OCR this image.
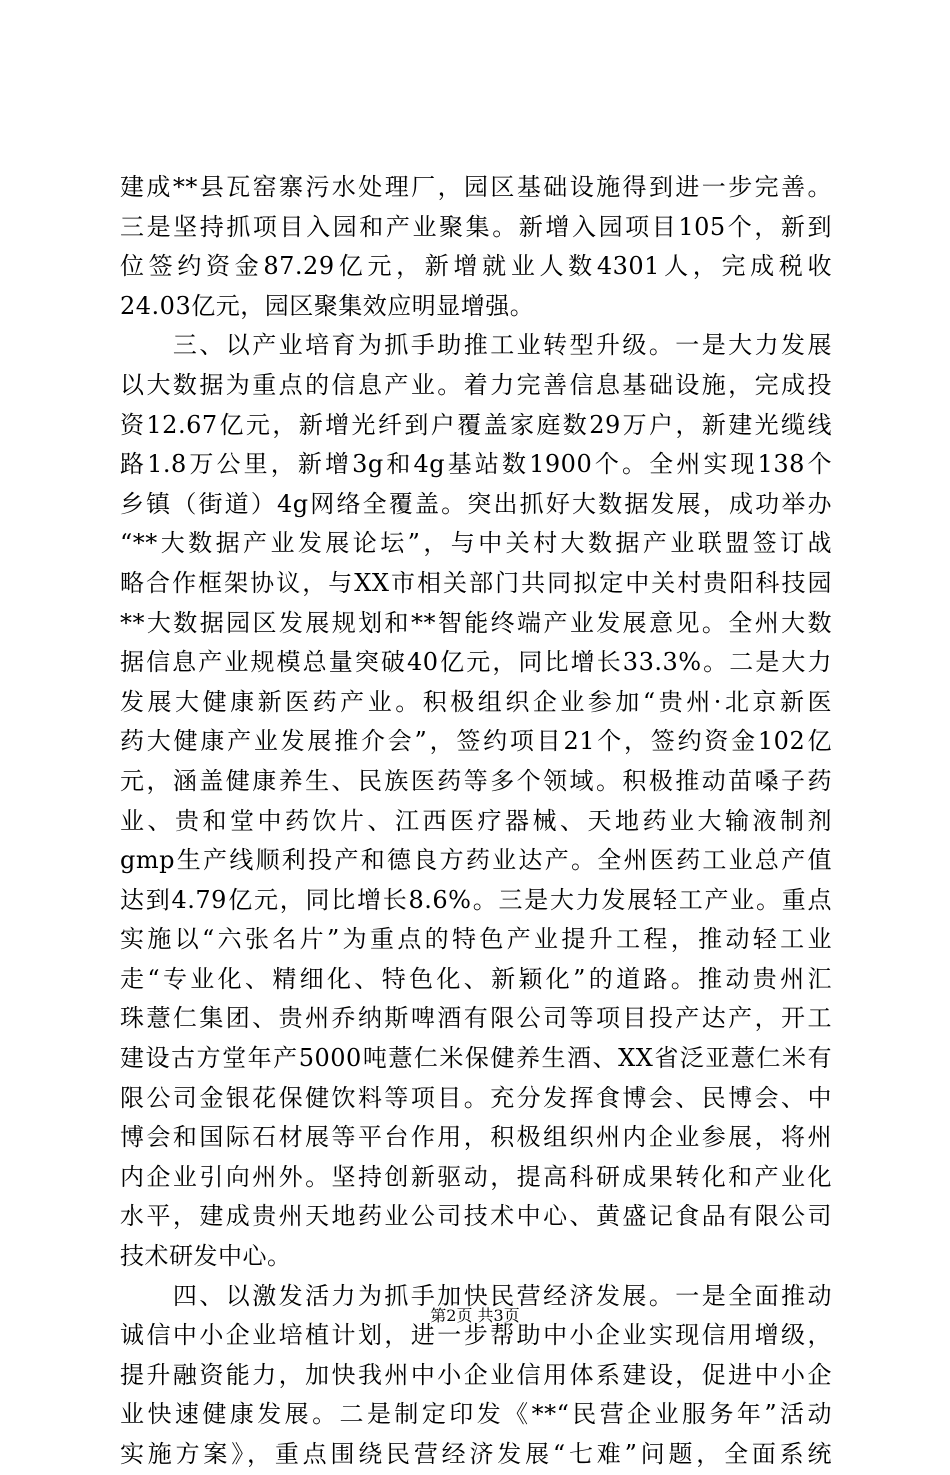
建成**县瓦窑寨污水处理厂，园区基础设施得到进一步完善。
三是坚持抓项目入园和产业聚集。新增入园项目105个，新到
位签约资金87.29亿元，新增就业人数4301人，完成税收
24.03亿元，园区聚集效应明显增强。
　　三、以产业培育为抓手助推工业转型升级。一是大力发展
以大数据为重点的信息产业。着力完善信息基础设施，完成投
资12.67亿元，新增光纤到户覆盖家庭数29万户，新建光缆线
路1.8万公里，新增3g和4g基站数1900个。全州实现138个
乡镇（街道）4g网络全覆盖。突出抓好大数据发展，成功举办
“**大数据产业发展论坛”，与中关村大数据产业联盟签订战
略合作框架协议，与XX市相关部门共同拟定中关村贵阳科技园
**大数据园区发展规划和**智能终端产业发展意见。全州大数
据信息产业规模总量突破40亿元，同比增长33.3%。二是大力
发展大健康新医药产业。积极组织企业参加“贵州·北京新医
药大健康产业发展推介会”，签约项目21个，签约资金102亿
元，涵盖健康养生、民族医药等多个领域。积极推动苗嗓子药
业、贵和堂中药饮片、江西医疗器械、天地药业大输液制剂
gmp生产线顺利投产和德良方药业达产。全州医药工业总产值
达到4.79亿元，同比增长8.6%。三是大力发展轻工产业。重点
实施以“六张名片”为重点的特色产业提升工程，推动轻工业
走“专业化、精细化、特色化、新颖化”的道路。推动贵州汇
珠薏仁集团、贵州乔纳斯啤酒有限公司等项目投产达产，开工
建设古方堂年产5000吨薏仁米保健养生酒、XX省泛亚薏仁米有
限公司金银花保健饮料等项目。充分发挥食博会、民博会、中
博会和国际石材展等平台作用，积极组织州内企业参展，将州
内企业引向州外。坚持创新驱动，提高科研成果转化和产业化
水平，建成贵州天地药业公司技术中心、黄盛记食品有限公司
技术研发中心。
　　四、以激发活力为抓手加快民营经济发展。一是全面推动
诚信中小企业培植计划，进一步帮助中小企业实现信用增级，
提升融资能力，加快我州中小企业信用体系建设，促进中小企
业快速健康发展。二是制定印发《**“民营企业服务年”活动
实施方案》，重点围绕民营经济发展“七难”问题，全面系统
第2页 共3页
